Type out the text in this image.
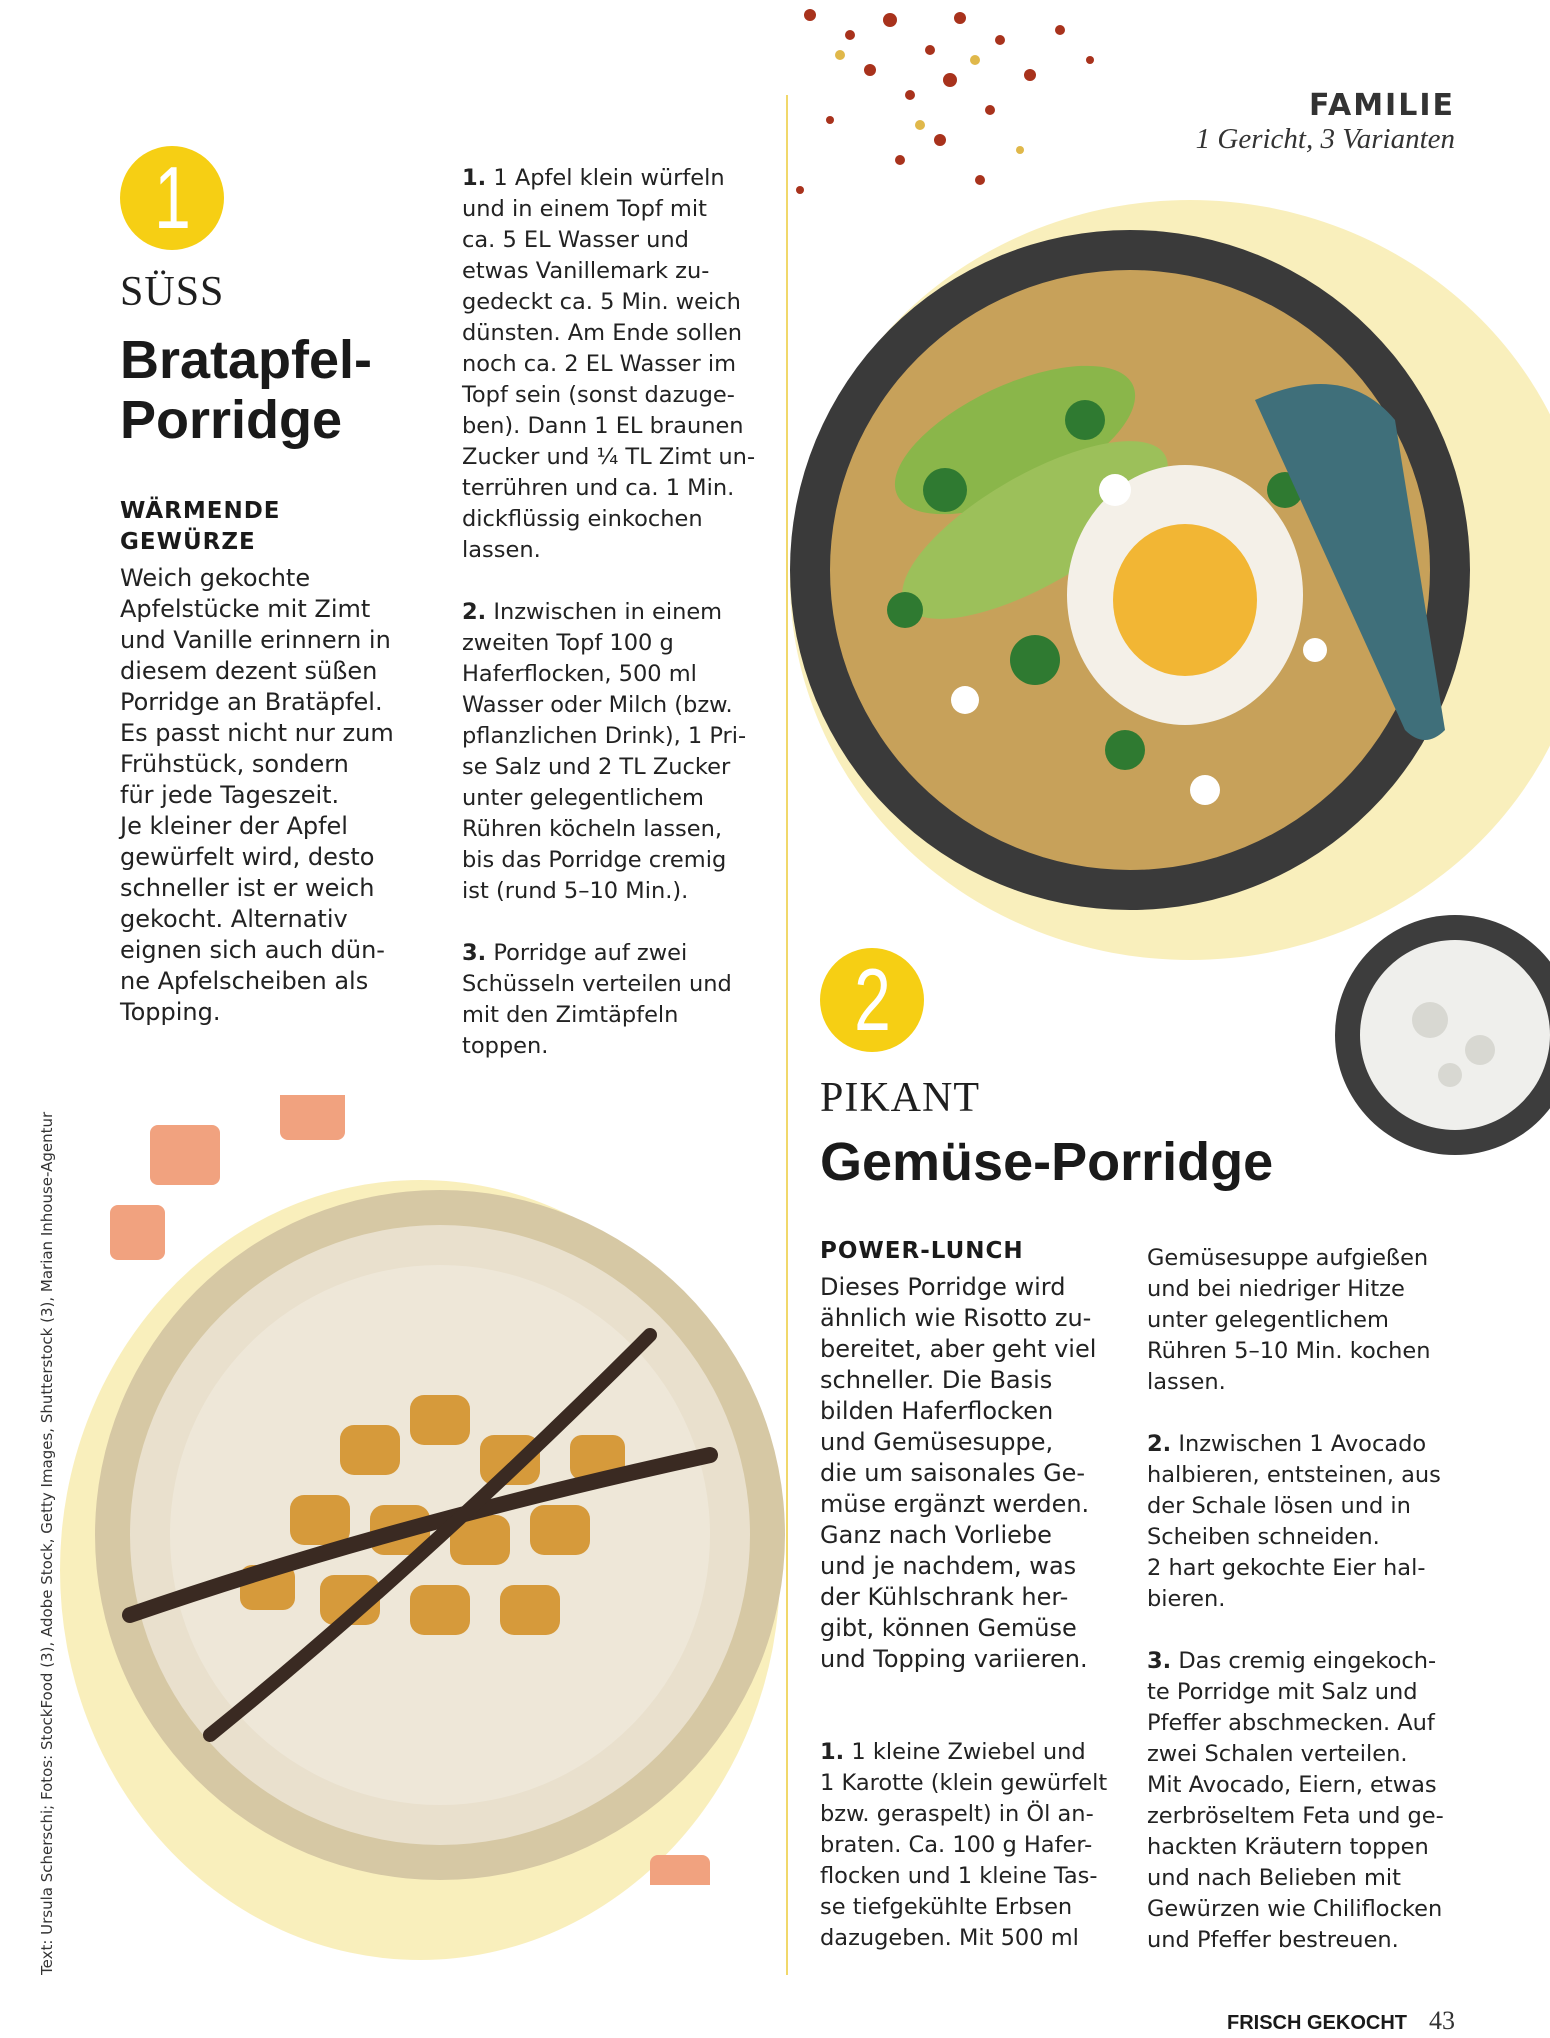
FAMILIE
1 Gericht, 3 Varianten
1
SÜSS
Bratapfel-
Porridge
WÄRMENDE
GEWÜRZE
Weich gekochte
Apfelstücke mit Zimt
und Vanille erinnern in
diesem dezent süßen
Porridge an Bratäpfel.
Es passt nicht nur zum
Frühstück, sondern
für jede Tageszeit.
Je kleiner der Apfel
gewürfelt wird, desto
schneller ist er weich
gekocht. Alternativ
eignen sich auch dün-
ne Apfelscheiben als
Topping.
1. 1 Apfel klein würfeln
und in einem Topf mit
ca. 5 EL Wasser und
etwas Vanillemark zu-
gedeckt ca. 5 Min. weich
dünsten. Am Ende sollen
noch ca. 2 EL Wasser im
Topf sein (sonst dazuge-
ben). Dann 1 EL braunen
Zucker und ¼ TL Zimt un-
terrühren und ca. 1 Min.
dickflüssig einkochen
lassen.
2. Inzwischen in einem
zweiten Topf 100 g
Haferflocken, 500 ml
Wasser oder Milch (bzw.
pflanzlichen Drink), 1 Pri-
se Salz und 2 TL Zucker
unter gelegentlichem
Rühren köcheln lassen,
bis das Porridge cremig
ist (rund 5–10 Min.).
3. Porridge auf zwei
Schüsseln verteilen und
mit den Zimtäpfeln
toppen.	2
PIKANT
Gemüse-Porridge
POWER-LUNCH
Dieses Porridge wird
ähnlich wie Risotto zu-
bereitet, aber geht viel
schneller. Die Basis
bilden Haferflocken
und Gemüsesuppe,
die um saisonales Ge-
müse ergänzt werden.
Ganz nach Vorliebe
und je nachdem, was
der Kühlschrank her-
gibt, können Gemüse
und Topping variieren.
1. 1 kleine Zwiebel und
1 Karotte (klein gewürfelt
bzw. geraspelt) in Öl an-
braten. Ca. 100 g Hafer-
flocken und 1 kleine Tas-
se tiefgekühlte Erbsen
dazugeben. Mit 500 ml
Gemüsesuppe aufgießen
und bei niedriger Hitze
unter gelegentlichem
Rühren 5–10 Min. kochen
lassen.
2. Inzwischen 1 Avocado
halbieren, entsteinen, aus
der Schale lösen und in
Scheiben schneiden.
2 hart gekochte Eier hal-
bieren.
3. Das cremig eingekoch-
te Porridge mit Salz und
Pfeffer abschmecken. Auf
zwei Schalen verteilen.
Mit Avocado, Eiern, etwas
zerbröseltem Feta und ge-
hackten Kräutern toppen
und nach Belieben mit
Gewürzen wie Chiliflocken
und Pfeffer bestreuen.
Text: Ursula Scherschi; Fotos: StockFood (3), Adobe Stock, Getty Images, Shutterstock (3), Marian Inhouse-Agentur
FRISCH GEKOCHT 43
